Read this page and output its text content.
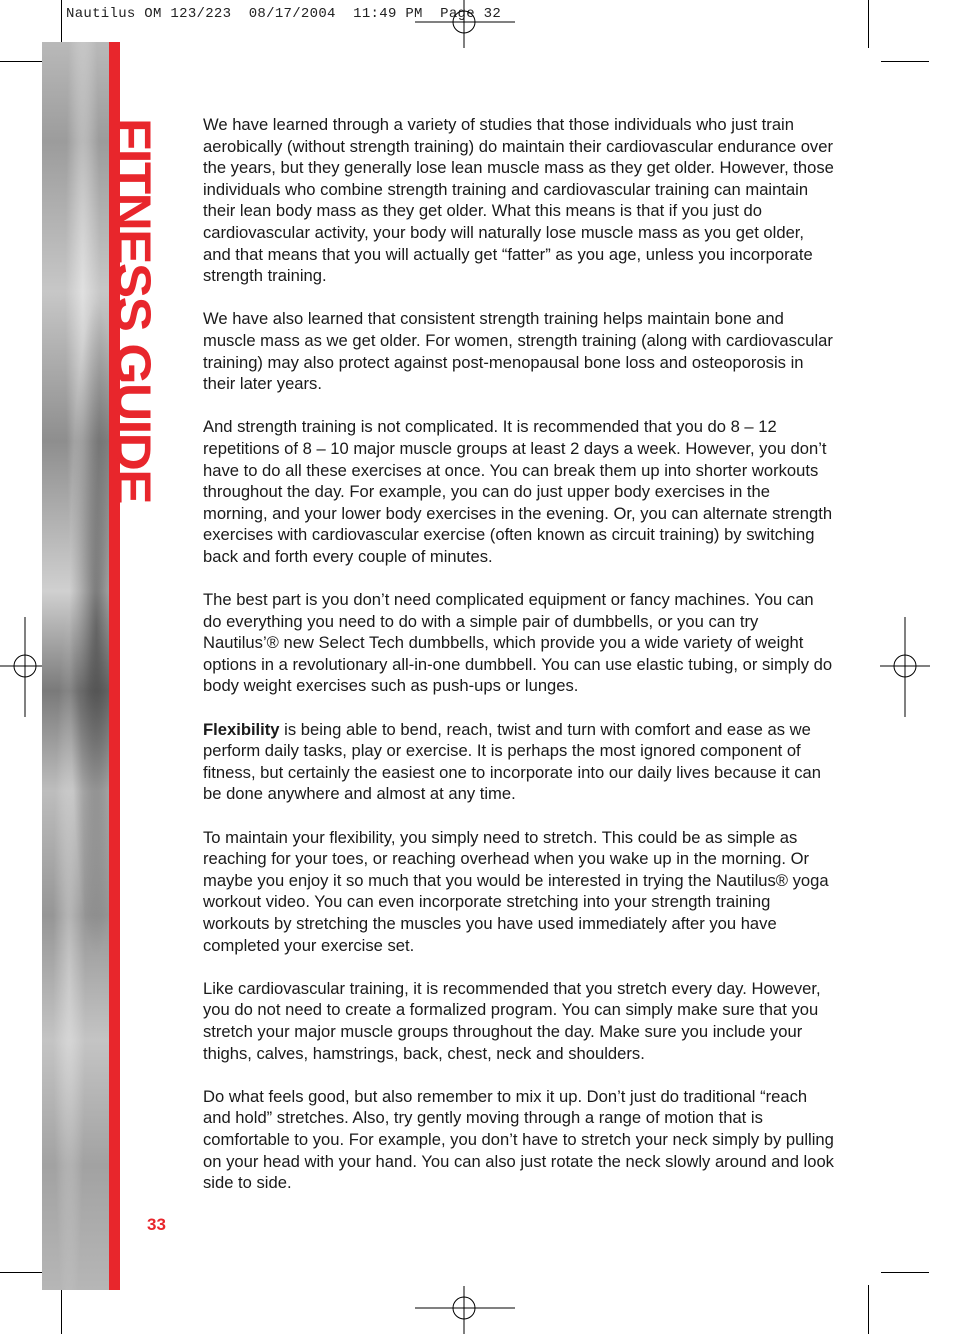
Nautilus OM 123/223  08/17/2004  11:49 PM  Page 32
FITNESS GUIDE	We have learned through a variety of studies that those individuals who just train aerobically (without strength training) do maintain their cardiovascular endurance over the years, but they generally lose lean muscle mass as they get older. However, those individuals who combine strength training and cardiovascular training can maintain their lean body mass as they get older. What this means is that if you just do cardiovascular activity, your body will naturally lose muscle mass as you get older, and that means that you will actually get “fatter” as you age, unless you incorporate strength training.

We have also learned that consistent strength training helps maintain bone and muscle mass as we get older. For women, strength training (along with cardiovascular training) may also protect against post-menopausal bone loss and osteoporosis in their later years.

And strength training is not complicated. It is recommended that you do 8 – 12 repetitions of 8 – 10 major muscle groups at least 2 days a week. However, you don’t have to do all these exercises at once. You can break them up into shorter workouts throughout the day. For example, you can do just upper body exercises in the morning, and your lower body exercises in the evening. Or, you can alternate strength exercises with cardiovascular exercise (often known as circuit training) by switching back and forth every couple of minutes.

The best part is you don’t need complicated equipment or fancy machines. You can do everything you need to do with a simple pair of dumbbells, or you can try Nautilus’® new Select Tech dumbbells, which provide you a wide variety of weight options in a revolutionary all-in-one dumbbell. You can use elastic tubing, or simply do body weight exercises such as push-ups or lunges.

Flexibility is being able to bend, reach, twist and turn with comfort and ease as we perform daily tasks, play or exercise. It is perhaps the most ignored component of fitness, but certainly the easiest one to incorporate into our daily lives because it can be done anywhere and almost at any time.

To maintain your flexibility, you simply need to stretch. This could be as simple as reaching for your toes, or reaching overhead when you wake up in the morning. Or maybe you enjoy it so much that you would be interested in trying the Nautilus® yoga workout video. You can even incorporate stretching into your strength training workouts by stretching the muscles you have used immediately after you have completed your exercise set.

Like cardiovascular training, it is recommended that you stretch every day. However, you do not need to create a formalized program. You can simply make sure that you stretch your major muscle groups throughout the day. Make sure you include your thighs, calves, hamstrings, back, chest, neck and shoulders.

Do what feels good, but also remember to mix it up. Don’t just do traditional “reach and hold” stretches. Also, try gently moving through a range of motion that is comfortable to you. For example, you don’t have to stretch your neck simply by pulling on your head with your hand. You can also just rotate the neck slowly around and look side to side.

33
